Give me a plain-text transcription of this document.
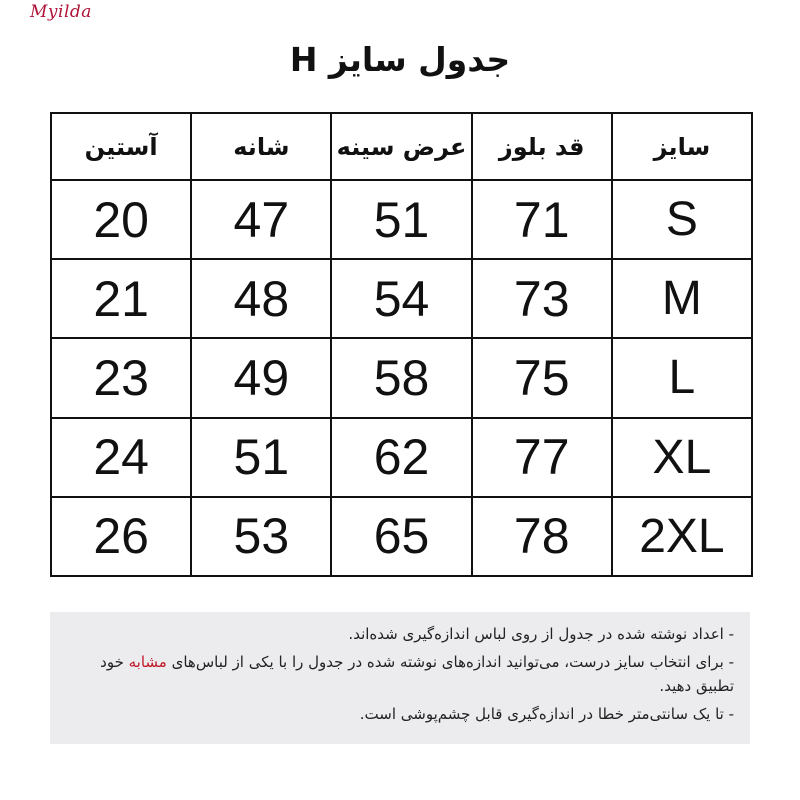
Myilda
جدول سایز H
سایز	قد بلوز	عرض سینه	شانه	آستین
S	71	51	47	20
M	73	54	48	21
L	75	58	49	23
XL	77	62	51	24
2XL	78	65	53	26
- اعداد نوشته شده در جدول از روی لباس اندازه‌گیری شده‌اند.
- برای انتخاب سایز درست، می‌توانید اندازه‌های نوشته شده در جدول را با یکی از لباس‌های مشابه خود تطبیق دهید.
- تا یک سانتی‌متر خطا در اندازه‌گیری قابل چشم‌پوشی است.
